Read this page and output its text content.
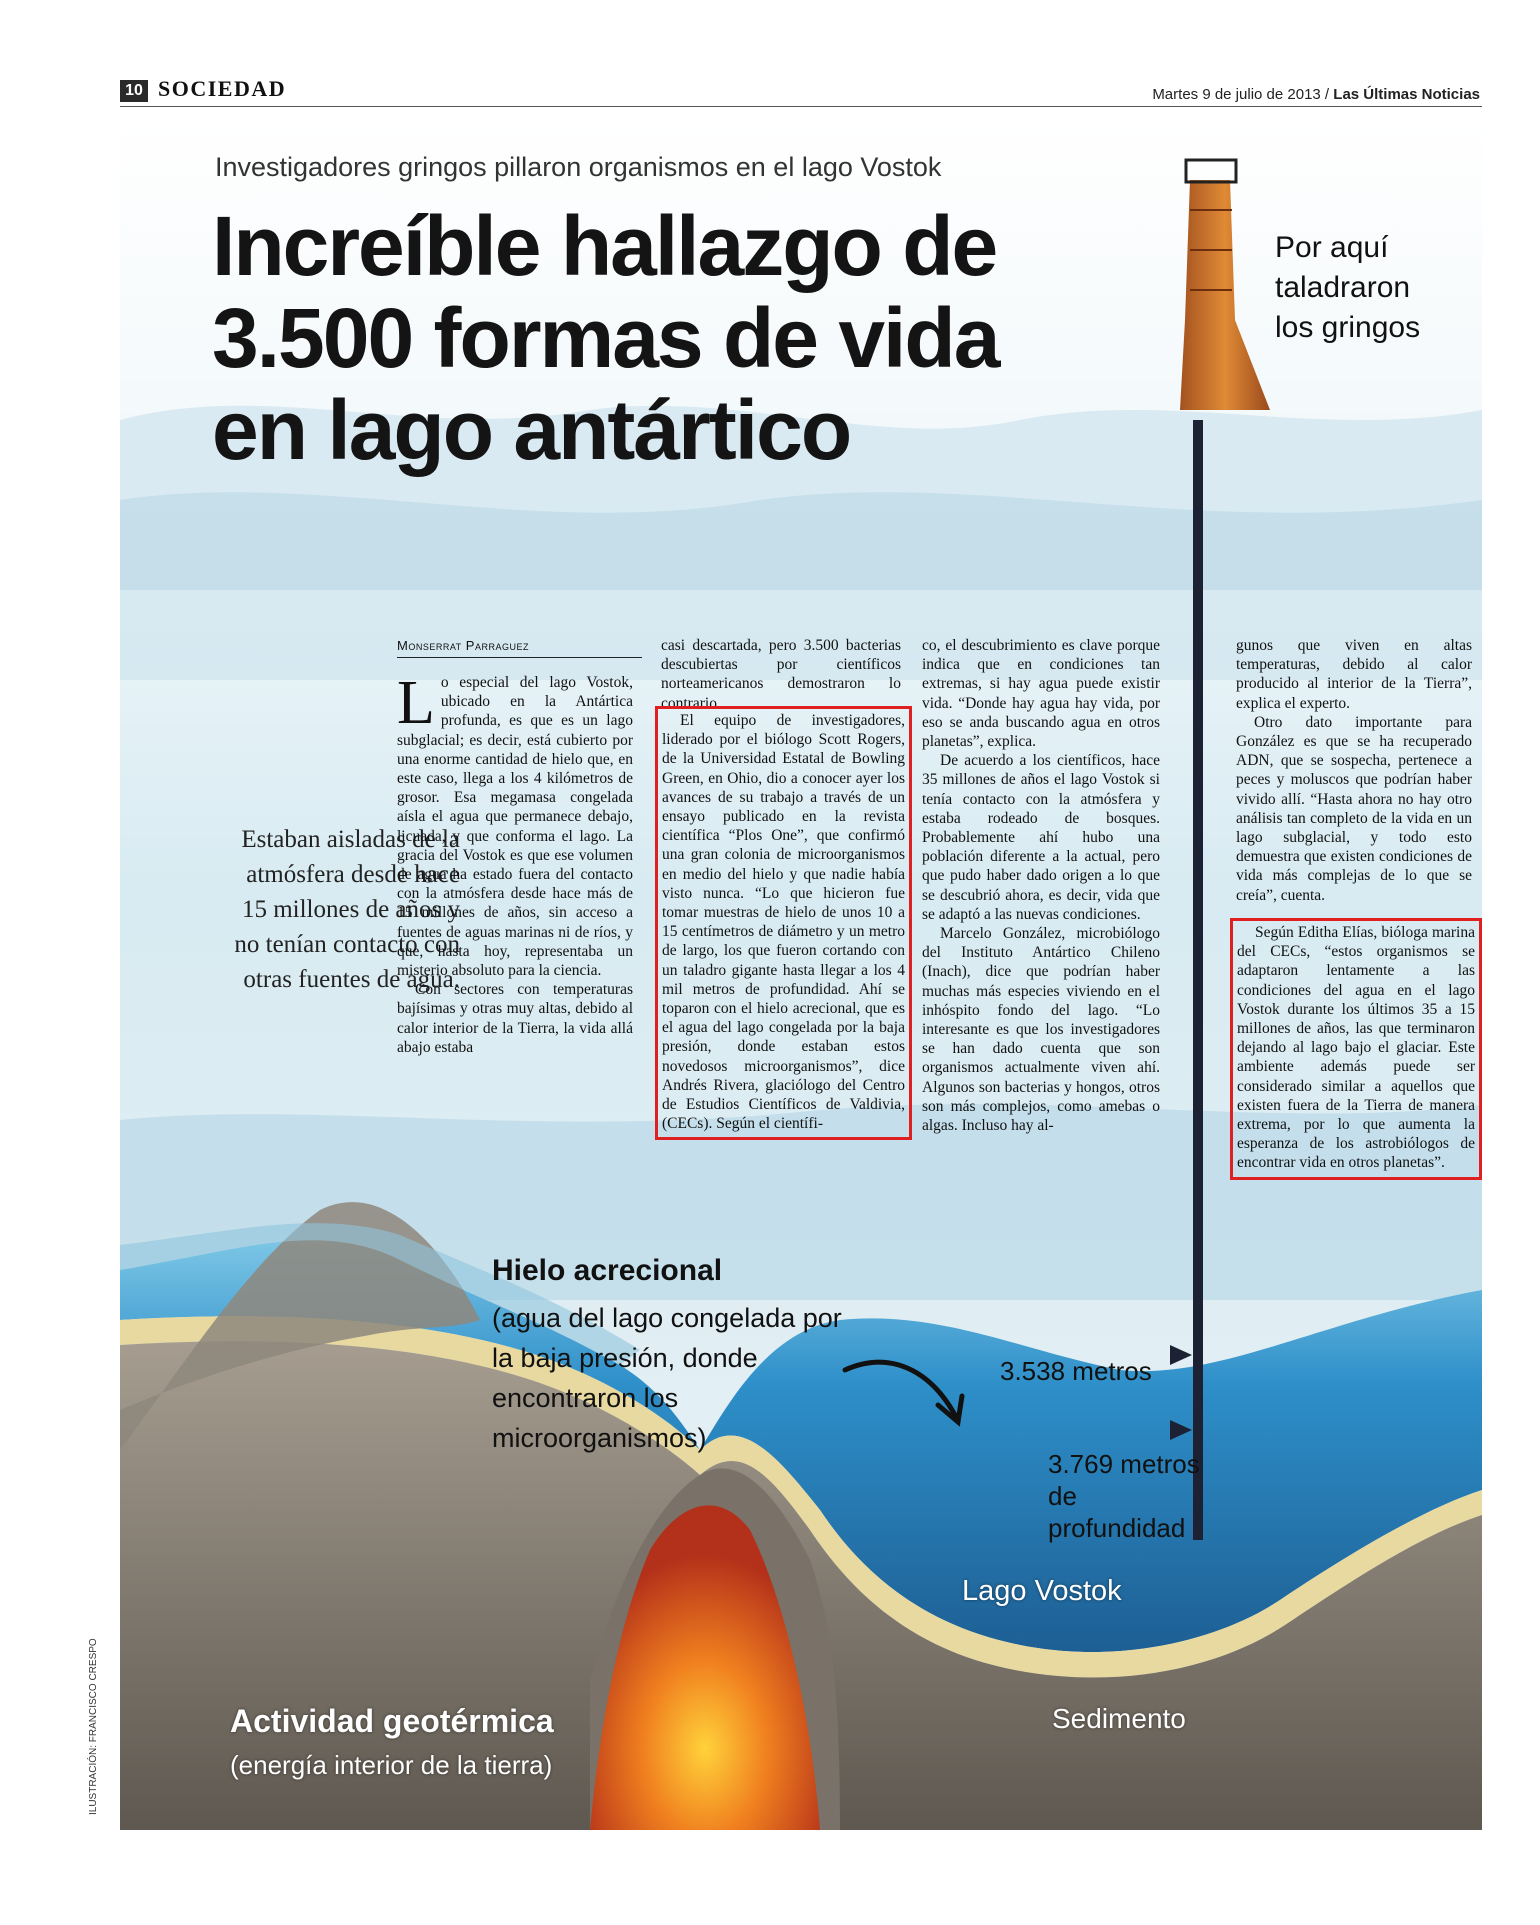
10 SOCIEDAD	Martes 9 de julio de 2013 / Las Últimas Noticias
Investigadores gringos pillaron organismos en el lago Vostok
Increíble hallazgo de 3.500 formas de vida en lago antártico
Por aquí taladraron los gringos
Hielo acrecional
(agua del lago congelada por la baja presión, donde encontraron los microorganismos)
3.538 metros
3.769 metros de profundidad
Lago Vostok
Sedimento
Actividad geotérmica
(energía interior de la tierra)
ILUSTRACIÓN: FRANCISCO CRESPO
Monserrat Parraguez
Estaban aisladas de la atmósfera desde hace 15 millones de años y no tenían contacto con otras fuentes de agua.

Lo especial del lago Vostok, ubicado en la Antártica profunda, es que es un lago subglacial; es decir, está cubierto por una enorme cantidad de hielo que, en este caso, llega a los 4 kilómetros de grosor. Esa megamasa congelada aísla el agua que permanece debajo, licuada, y que conforma el lago. La gracia del Vostok es que ese volumen de agua ha estado fuera del contacto con la atmósfera desde hace más de 15 millones de años, sin acceso a fuentes de aguas marinas ni de ríos, y que, hasta hoy, representaba un misterio absoluto para la ciencia.

Con sectores con temperaturas bajísimas y otras muy altas, debido al calor interior de la Tierra, la vida allá abajo estaba

casi descartada, pero 3.500 bacterias descubiertas por científicos norteamericanos demostraron lo contrario.

El equipo de investigadores, liderado por el biólogo Scott Rogers, de la Universidad Estatal de Bowling Green, en Ohio, dio a conocer ayer los avances de su trabajo a través de un ensayo publicado en la revista científica “Plos One”, que confirmó una gran colonia de microorganismos en medio del hielo y que nadie había visto nunca. “Lo que hicieron fue tomar muestras de hielo de unos 10 a 15 centímetros de diámetro y un metro de largo, los que fueron cortando con un taladro gigante hasta llegar a los 4 mil metros de profundidad. Ahí se toparon con el hielo acrecional, que es el agua del lago congelada por la baja presión, donde estaban estos novedosos microorganismos”, dice Andrés Rivera, glaciólogo del Centro de Estudios Científicos de Valdivia, (CECs). Según el científi-

co, el descubrimiento es clave porque indica que en condiciones tan extremas, si hay agua puede existir vida. “Donde hay agua hay vida, por eso se anda buscando agua en otros planetas”, explica.

De acuerdo a los científicos, hace 35 millones de años el lago Vostok si tenía contacto con la atmósfera y estaba rodeado de bosques. Probablemente ahí hubo una población diferente a la actual, pero que pudo haber dado origen a lo que se descubrió ahora, es decir, vida que se adaptó a las nuevas condiciones.

Marcelo González, microbiólogo del Instituto Antártico Chileno (Inach), dice que podrían haber muchas más especies viviendo en el inhóspito fondo del lago. “Lo interesante es que los investigadores se han dado cuenta que son organismos actualmente viven ahí. Algunos son bacterias y hongos, otros son más complejos, como amebas o algas. Incluso hay al-

gunos que viven en altas temperaturas, debido al calor producido al interior de la Tierra”, explica el experto.

Otro dato importante para González es que se ha recuperado ADN, que se sospecha, pertenece a peces y moluscos que podrían haber vivido allí. “Hasta ahora no hay otro análisis tan completo de la vida en un lago subglacial, y todo esto demuestra que existen condiciones de vida más complejas de lo que se creía”, cuenta.

Según Editha Elías, bióloga marina del CECs, “estos organismos se adaptaron lentamente a las condiciones del agua en el lago Vostok durante los últimos 35 a 15 millones de años, las que terminaron dejando al lago bajo el glaciar. Este ambiente además puede ser considerado similar a aquellos que existen fuera de la Tierra de manera extrema, por lo que aumenta la esperanza de los astrobiólogos de encontrar vida en otros planetas”.
